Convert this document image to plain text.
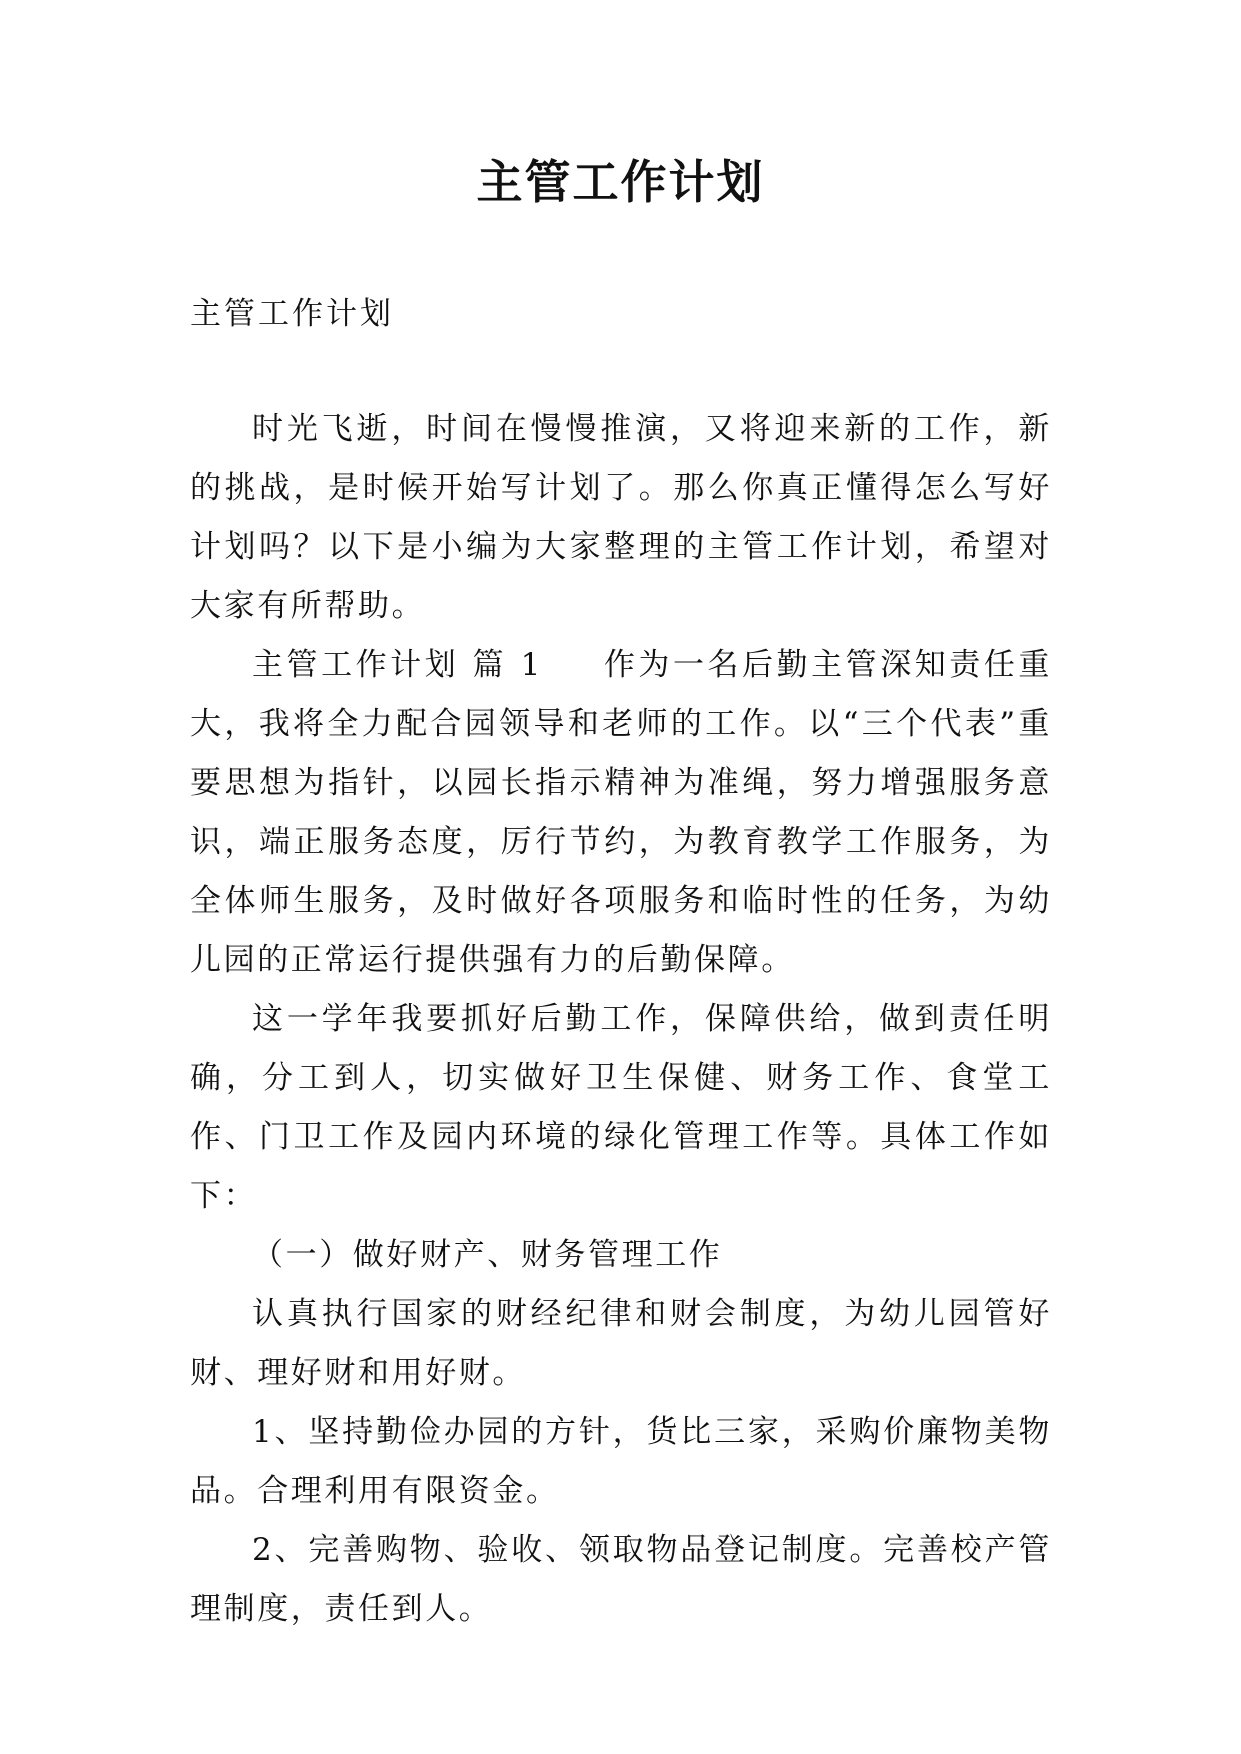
主管工作计划
主管工作计划

时光飞逝，时间在慢慢推演，又将迎来新的工作，新的挑战，是时候开始写计划了。那么你真正懂得怎么写好计划吗？以下是小编为大家整理的主管工作计划，希望对大家有所帮助。

主管工作计划 篇 1 作为一名后勤主管深知责任重大，我将全力配合园领导和老师的工作。以“三个代表”重要思想为指针，以园长指示精神为准绳，努力增强服务意识，端正服务态度，厉行节约，为教育教学工作服务，为全体师生服务，及时做好各项服务和临时性的任务，为幼儿园的正常运行提供强有力的后勤保障。

这一学年我要抓好后勤工作，保障供给，做到责任明确，分工到人，切实做好卫生保健、财务工作、食堂工作、门卫工作及园内环境的绿化管理工作等。具体工作如下：

（一）做好财产、财务管理工作

认真执行国家的财经纪律和财会制度，为幼儿园管好财、理好财和用好财。

1、坚持勤俭办园的方针，货比三家，采购价廉物美物品。合理利用有限资金。

2、完善购物、验收、领取物品登记制度。完善校产管理制度，责任到人。
